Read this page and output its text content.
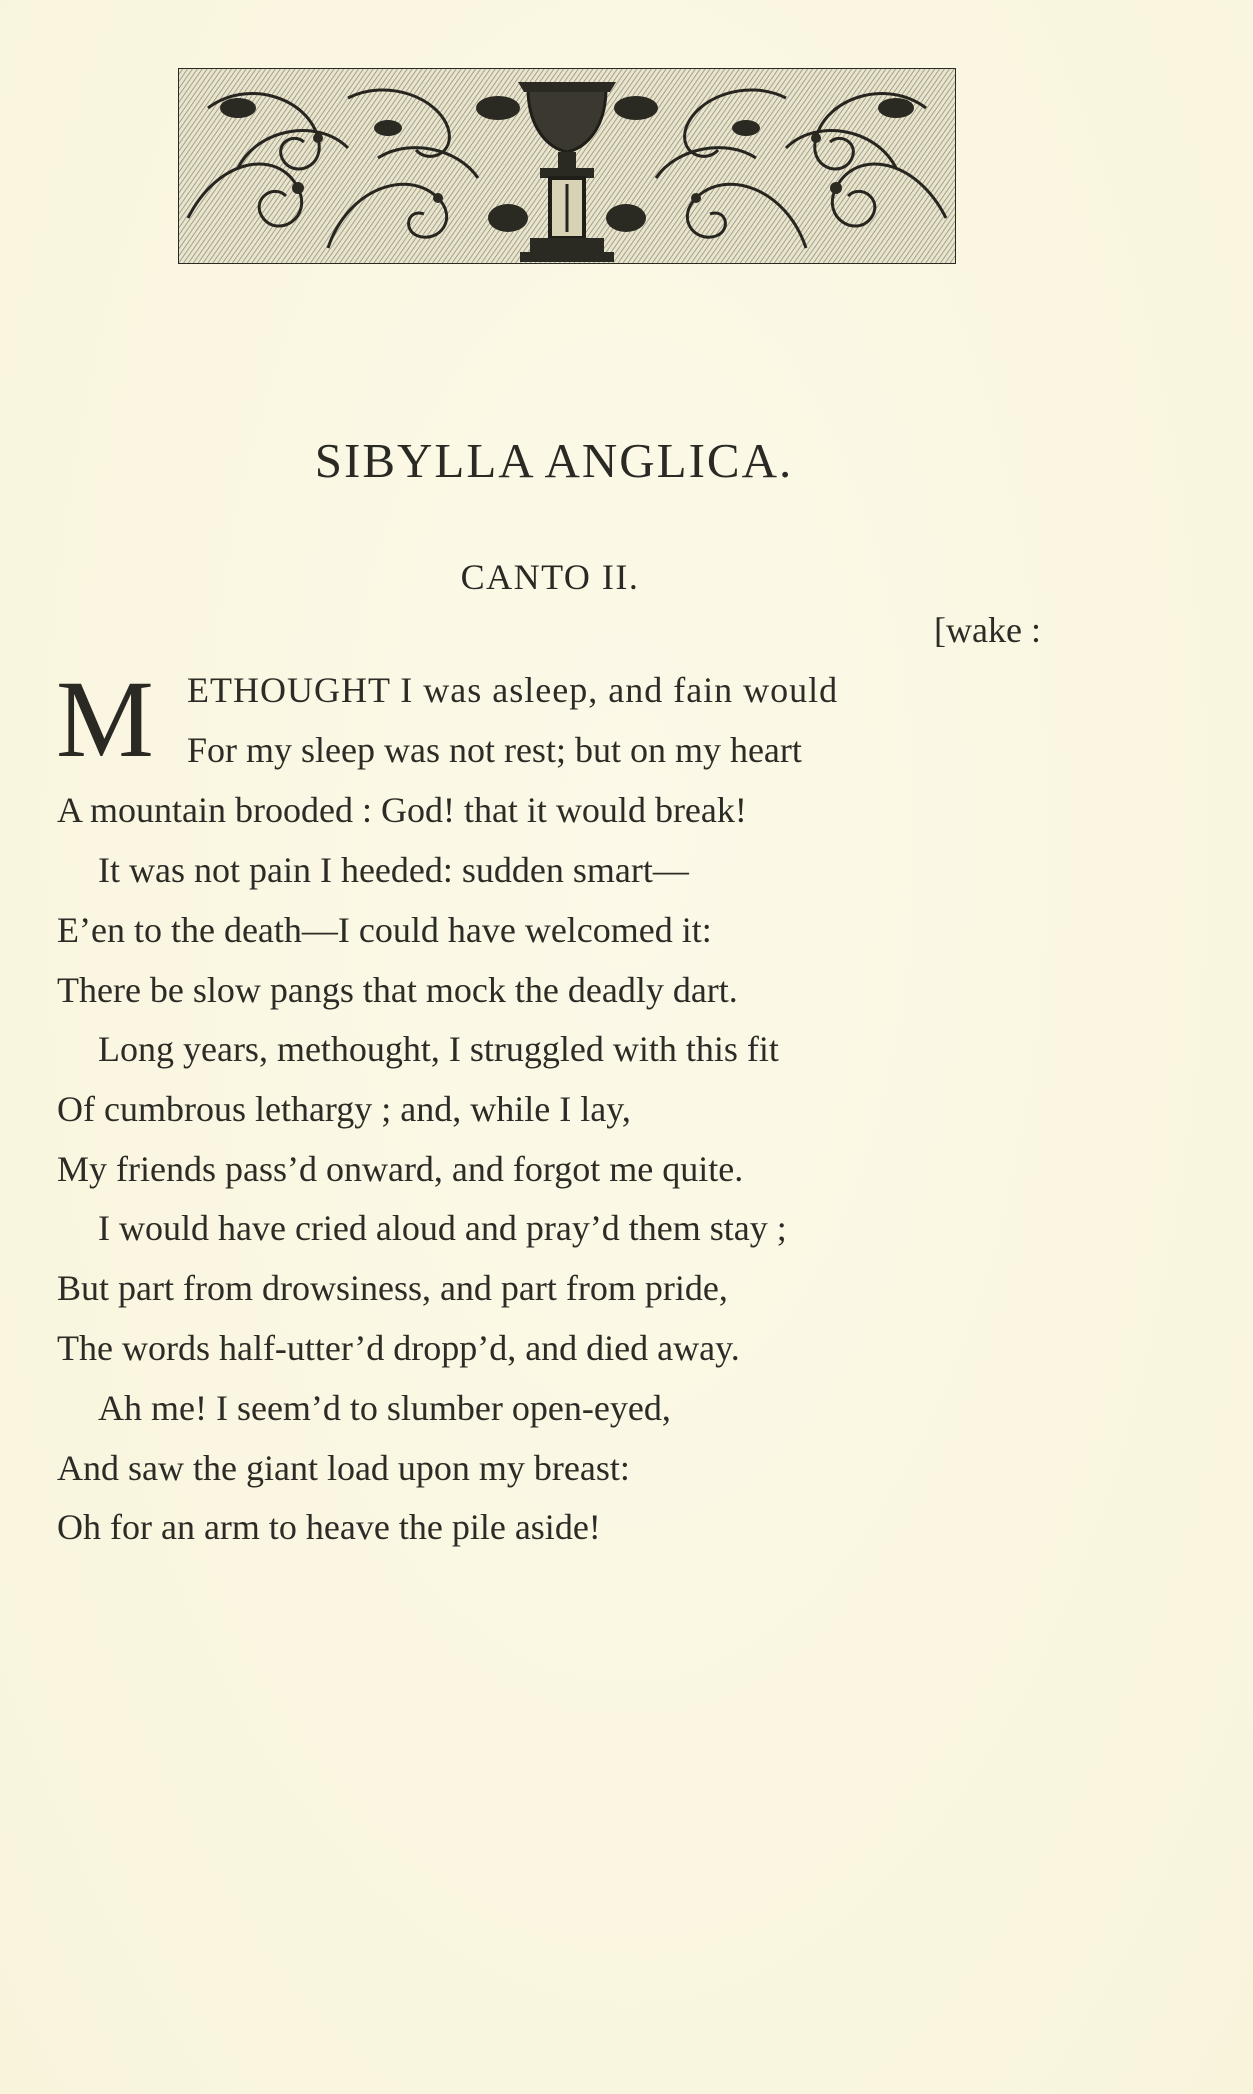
SIBYLLA ANGLICA.
CANTO II.
[wake :
M ETHOUGHT I was asleep, and fain would
For my sleep was not rest; but on my heart
A mountain brooded : God! that it would break!
It was not pain I heeded: sudden smart—
E’en to the death—I could have welcomed it:
There be slow pangs that mock the deadly dart.
Long years, methought, I struggled with this fit
Of cumbrous lethargy ; and, while I lay,
My friends pass’d onward, and forgot me quite.
I would have cried aloud and pray’d them stay ;
But part from drowsiness, and part from pride,
The words half-utter’d dropp’d, and died away.
Ah me! I seem’d to slumber open-eyed,
And saw the giant load upon my breast:
Oh for an arm to heave the pile aside!
